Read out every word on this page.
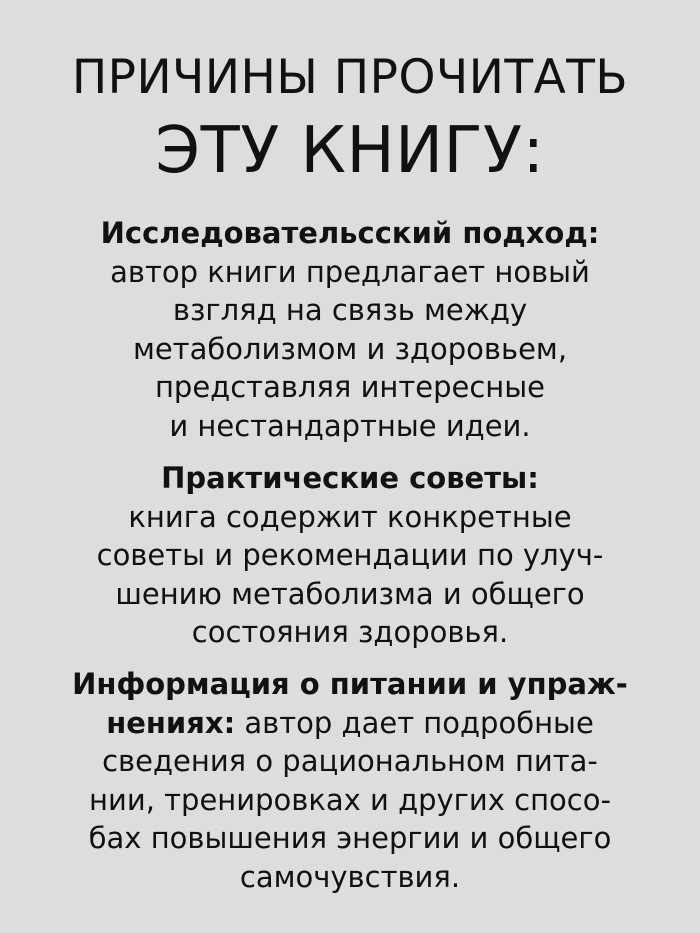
ПРИЧИНЫ ПРОЧИТАТЬ
ЭТУ КНИГУ:
Исследовательсский подход:
автор книги предлагает новый
взгляд на связь между
метаболизмом и здоровьем,
представляя интересные
и нестандартные идеи.
Практические советы:
книга содержит конкретные
советы и рекомендации по улуч-
шению метаболизма и общего
состояния здоровья.
Информация о питании и упраж-
нениях: автор дает подробные
сведения о рациональном пита-
нии, тренировках и других спосо-
бах повышения энергии и общего
самочувствия.
